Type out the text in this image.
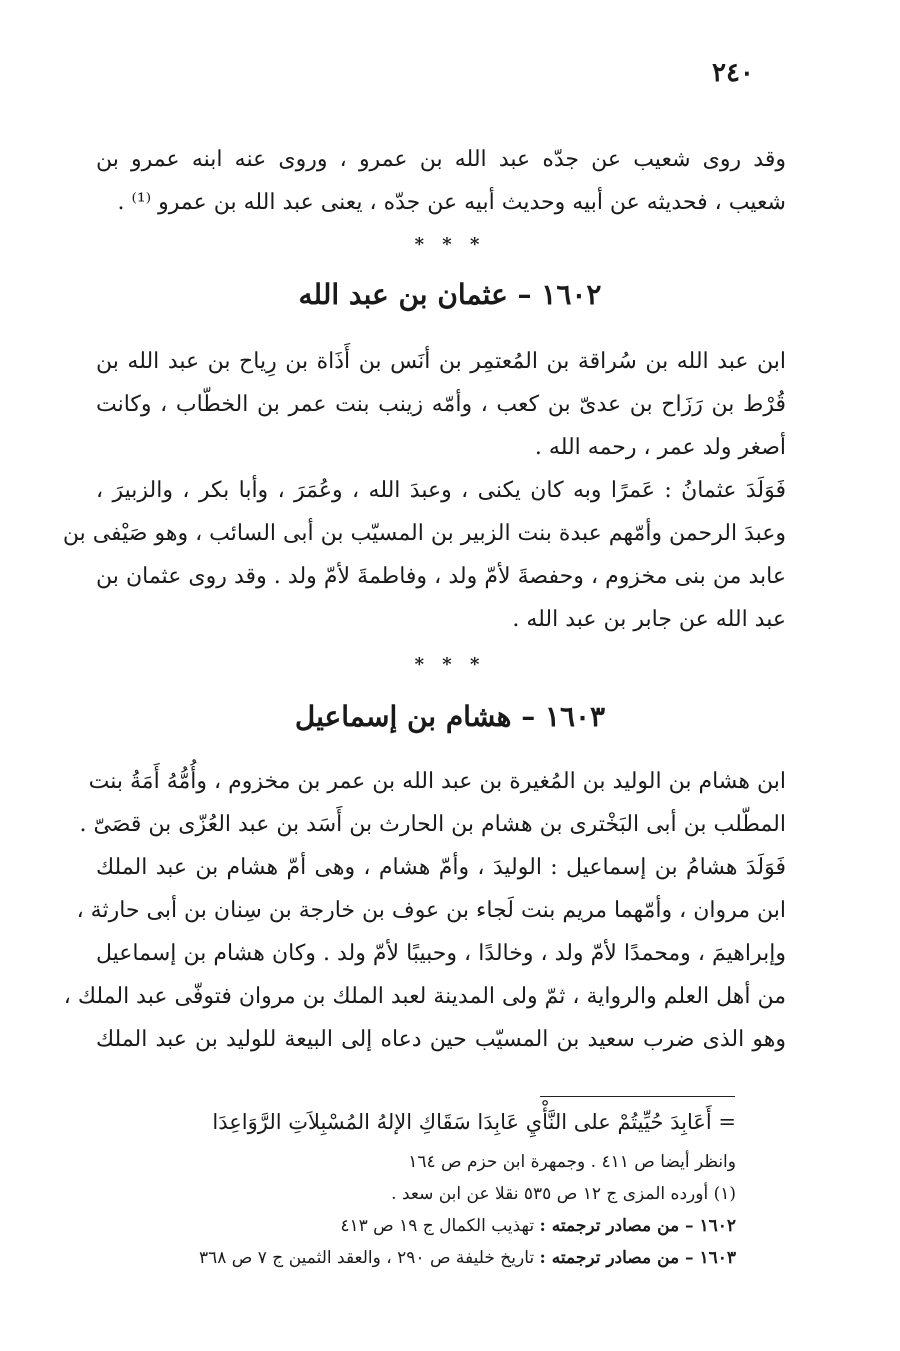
٢٤٠
وقد روى شعيب عن جدّه عبد الله بن عمرو ، وروى عنه ابنه عمرو بن
شعيب ، فحديثه عن أبيه وحديث أبيه عن جدّه ، يعنى عبد الله بن عمرو ⁽¹⁾ .
* * *
١٦٠٢ – عثمان بن عبد الله
ابن عبد الله بن سُراقة بن المُعتمِر بن أنَس بن أَذَاة بن رِياح بن عبد الله بن
قُرْط بن رَزَاح بن عدىّ بن كعب ، وأمّه زينب بنت عمر بن الخطّاب ، وكانت
أصغر ولد عمر ، رحمه الله .
فَوَلَدَ عثمانُ : عَمرًا وبه كان يكنى ، وعبدَ الله ، وعُمَرَ ، وأبا بكر ، والزبيرَ ،
وعبدَ الرحمن وأمّهم عبدة بنت الزبير بن المسيّب بن أبى السائب ، وهو صَيْفى بن
عابد من بنى مخزوم ، وحفصةَ لأمّ ولد ، وفاطمةَ لأمّ ولد . وقد روى عثمان بن
عبد الله عن جابر بن عبد الله .
* * *
١٦٠٣ – هشام بن إسماعيل
ابن هشام بن الوليد بن المُغيرة بن عبد الله بن عمر بن مخزوم ، وأُمُّهُ أَمَةُ بنت
المطّلب بن أبى البَخْترى بن هشام بن الحارث بن أَسَد بن عبد العُزّى بن قصَىّ .
فَوَلَدَ هشامُ بن إسماعيل : الوليدَ ، وأمّ هشام ، وهى أمّ هشام بن عبد الملك
ابن مروان ، وأمّهما مريم بنت لَجاء بن عوف بن خارجة بن سِنان بن أبى حارثة ،
وإبراهيمَ ، ومحمدًا لأمّ ولد ، وخالدًا ، وحبيبًا لأمّ ولد . وكان هشام بن إسماعيل
من أهل العلم والرواية ، ثمّ ولى المدينة لعبد الملك بن مروان فتوفّى عبد الملك ،
وهو الذى ضرب سعيد بن المسيّب حين دعاه إلى البيعة للوليد بن عبد الملك
= أَعَابِدَ حُيِّيتُمْ على النَّأْيِ عَابِدَا سَقَاكِ الإلهُ المُسْبِلاَتِ الرَّوَاعِدَا
وانظر أيضا ص ٤١١ . وجمهرة ابن حزم ص ١٦٤
(١) أورده المزى ج ١٢ ص ٥٣٥ نقلا عن ابن سعد .
١٦٠٢ – من مصادر ترجمته : تهذيب الكمال ج ١٩ ص ٤١٣
١٦٠٣ – من مصادر ترجمته : تاريخ خليفة ص ٢٩٠ ، والعقد الثمين ج ٧ ص ٣٦٨
